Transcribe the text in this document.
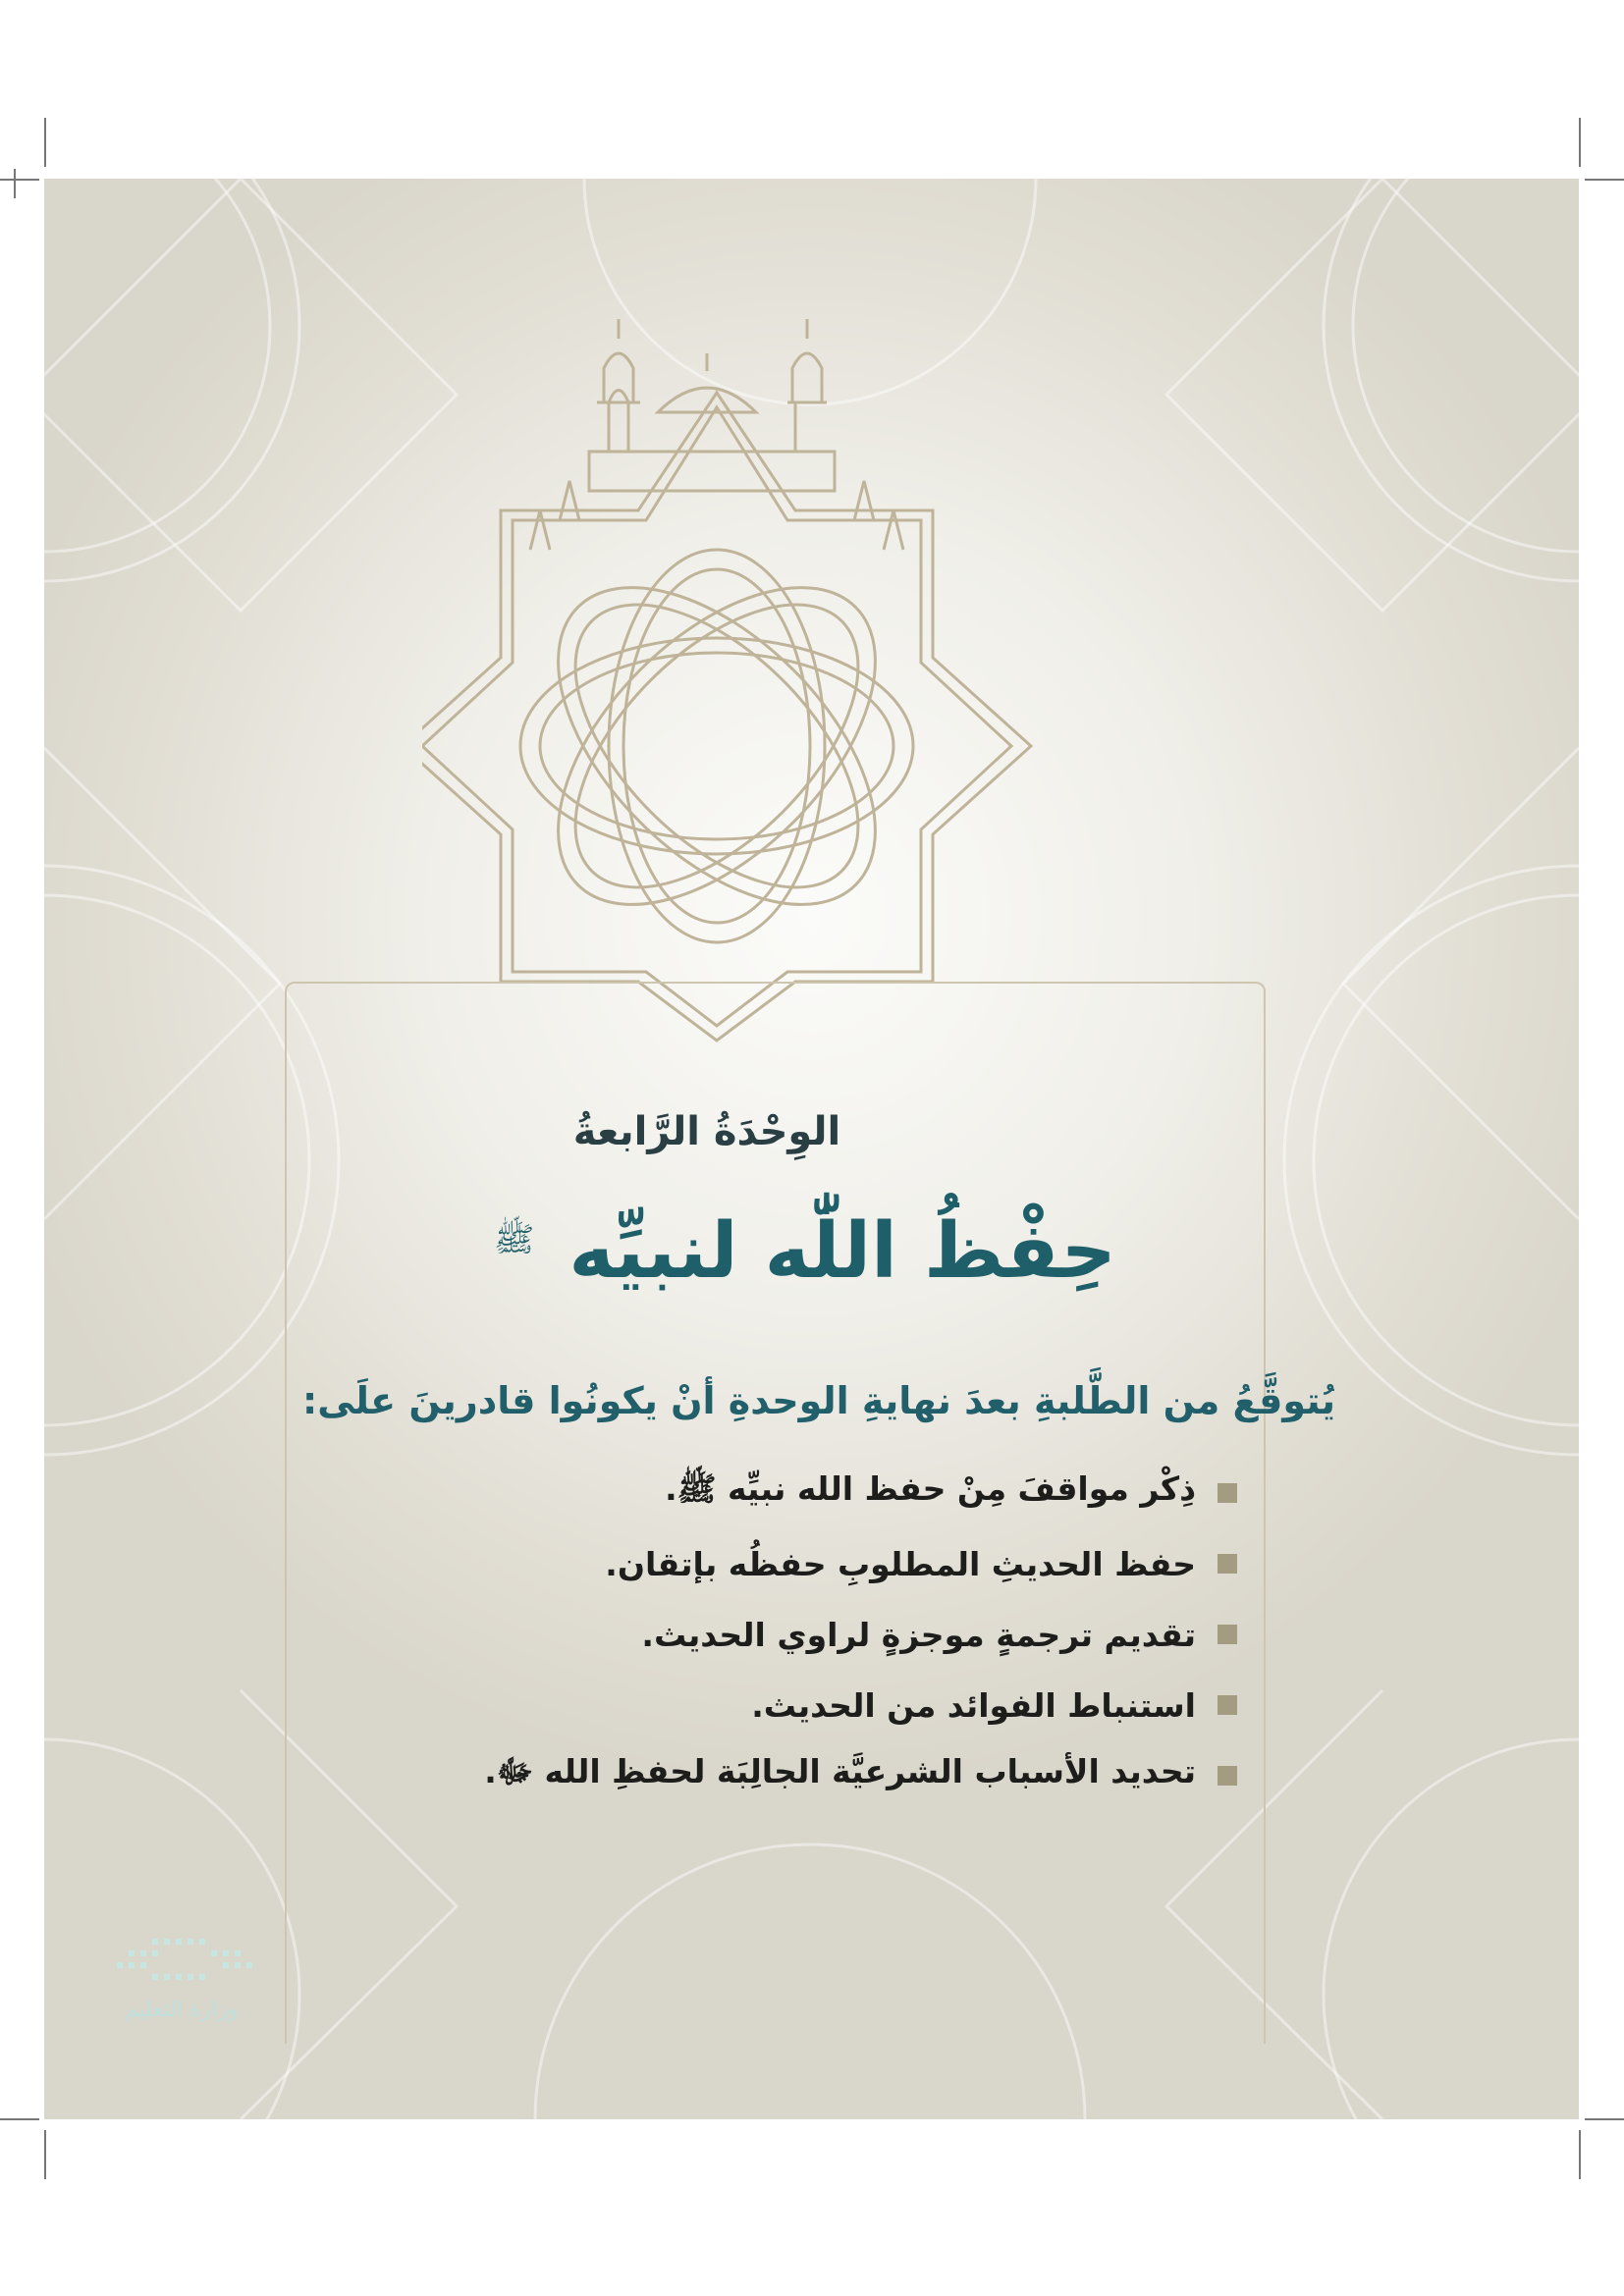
الوِحْدَةُ الرَّابعةُ
حِفْظُ اللّٰه لنبيِّه $^ﷺ$
يُتوقَّعُ من الطَّلبةِ بعدَ نهايةِ الوحدةِ أنْ يكونُوا قادرينَ علَى:
ذِكْر مواقفَ مِنْ حفظ الله نبيِّه ﷺ.
حفظ الحديثِ المطلوبِ حفظُه بإتقان.
تقديم ترجمةٍ موجزةٍ لراوي الحديث.
استنباط الفوائد من الحديث.
تحديد الأسباب الشرعيَّة الجالِبَة لحفظِ الله ﷻ.
وزارة التعليم
